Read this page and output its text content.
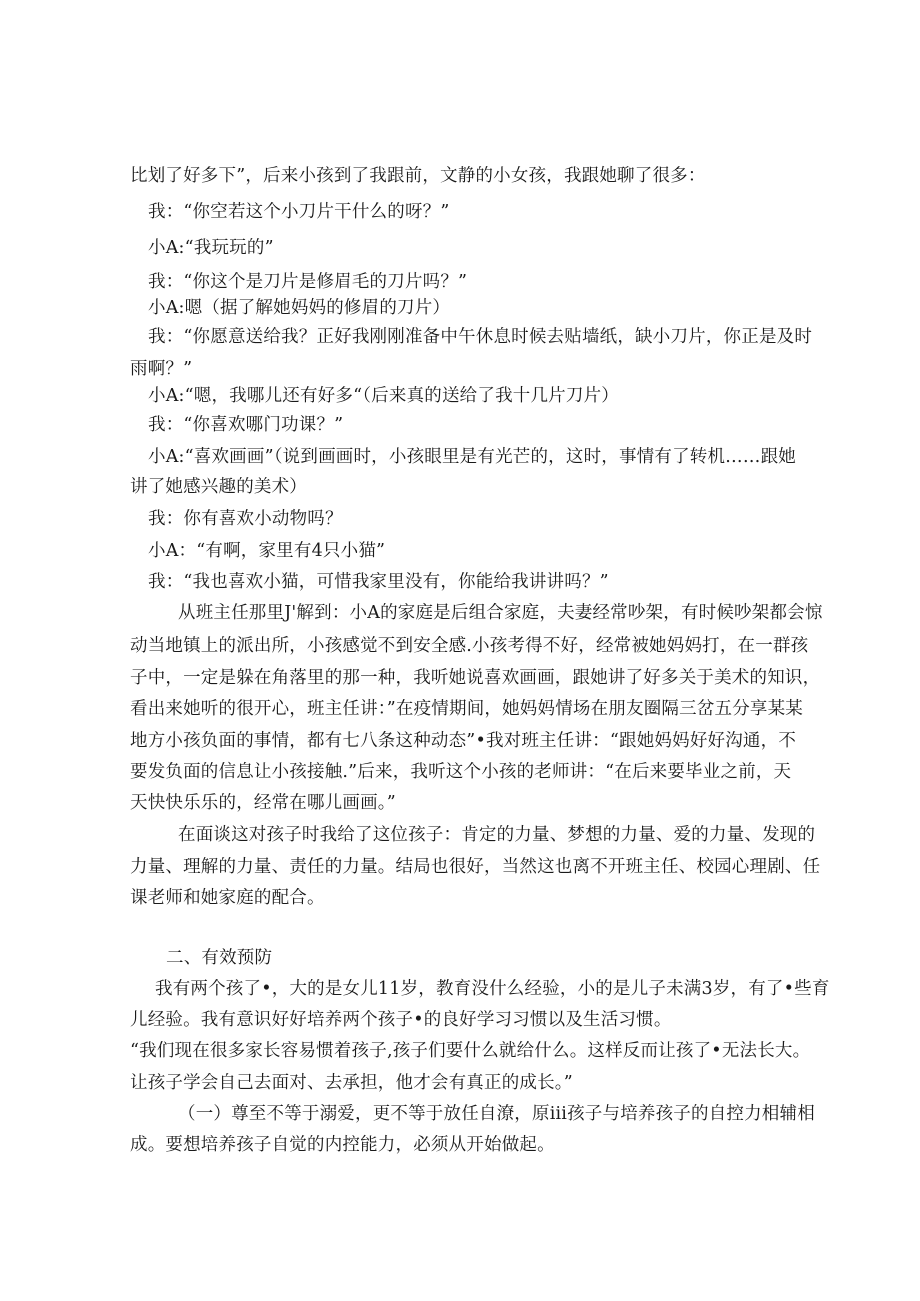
比划了好多下”，后来小孩到了我跟前，文静的小女孩，我跟她聊了很多：
我：“你空若这个小刀片干什么的呀？”
小A:“我玩玩的”
我：“你这个是刀片是修眉毛的刀片吗？”
小A:嗯（据了解她妈妈的修眉的刀片）
我：“你愿意送给我？正好我刚刚准备中午休息时候去贴墙纸，缺小刀片，你正是及时
雨啊？”
小A:“嗯，我哪儿还有好多“（后来真的送给了我十几片刀片）
我：“你喜欢哪门功课？”
小A:“喜欢画画”（说到画画时，小孩眼里是有光芒的，这时，事情有了转机……跟她
讲了她感兴趣的美术）
我：你有喜欢小动物吗？
小A：“有啊，家里有4只小猫”
我：“我也喜欢小猫，可惜我家里没有，你能给我讲讲吗？”
从班主任那里J'解到：小A的家庭是后组合家庭，夫妻经常吵架，有时候吵架都会惊
动当地镇上的派出所，小孩感觉不到安全感.小孩考得不好，经常被她妈妈打，在一群孩
子中，一定是躲在角落里的那一种，我听她说喜欢画画，跟她讲了好多关于美术的知识，
看出来她听的很开心，班主任讲：”在疫情期间，她妈妈情场在朋友圈隔三岔五分享某某
地方小孩负面的事情，都有七八条这种动态”•我对班主任讲：“跟她妈妈好好沟通，不
要发负面的信息让小孩接触.”后来，我听这个小孩的老师讲：“在后来要毕业之前，天
天快快乐乐的，经常在哪儿画画。”
在面谈这对孩子时我给了这位孩子：肯定的力量、梦想的力量、爱的力量、发现的
力量、理解的力量、责任的力量。结局也很好，当然这也离不开班主任、校园心理剧、任
课老师和她家庭的配合。
二、有效预防
我有两个孩了•，大的是女儿11岁，教育没什么经验，小的是儿子未满3岁，有了•些育
儿经验。我有意识好好培养两个孩子•的良好学习习惯以及生活习惯。
“我们现在很多家长容易惯着孩子,孩子们要什么就给什么。这样反而让孩了•无法长大。
让孩子学会自己去面对、去承担，他才会有真正的成长。”
（一）尊至不等于溺爱，更不等于放任自潦，原iii孩子与培养孩子的自控力相辅相
成。要想培养孩子自觉的内控能力，必须从开始做起。
